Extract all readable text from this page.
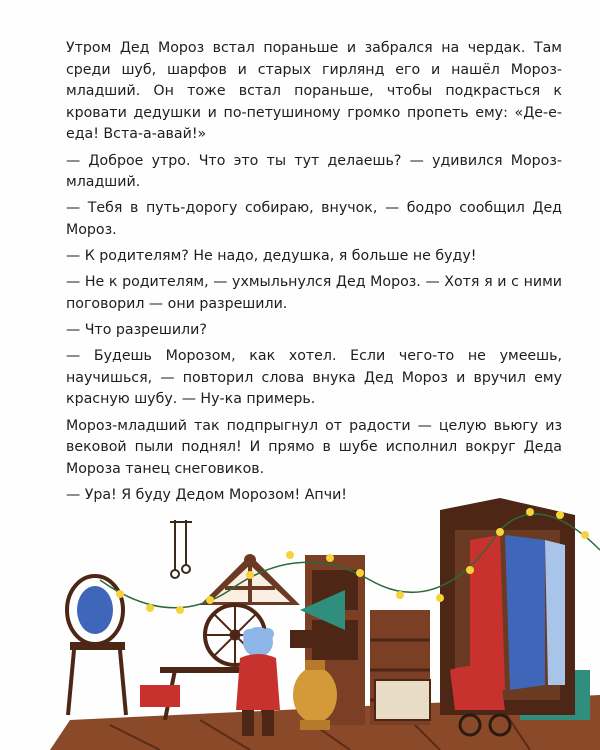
Утром Дед Мороз встал пораньше и забрался на чердак. Там среди шуб, шарфов и старых гирлянд его и нашёл Мороз-младший. Он тоже встал пораньше, чтобы подкрасться к кровати дедушки и по-петушиному громко пропеть ему: «Де-е-еда! Вста-а-авай!»

— Доброе утро. Что это ты тут делаешь? — удивился Мороз-младший.

— Тебя в путь-дорогу собираю, внучок, — бодро сообщил Дед Мороз.

— К родителям? Не надо, дедушка, я больше не буду!

— Не к родителям, — ухмыльнулся Дед Мороз. — Хотя я и с ними поговорил — они разрешили.

— Что разрешили?

— Будешь Морозом, как хотел. Если чего-то не умеешь, научишься, — повторил слова внука Дед Мороз и вручил ему красную шубу. — Ну-ка примерь.

Мороз-младший так подпрыгнул от радости — целую вьюгу из вековой пыли поднял! И прямо в шубе исполнил вокруг Деда Мороза танец снеговиков.

— Ура! Я буду Дедом Морозом! Апчи!
